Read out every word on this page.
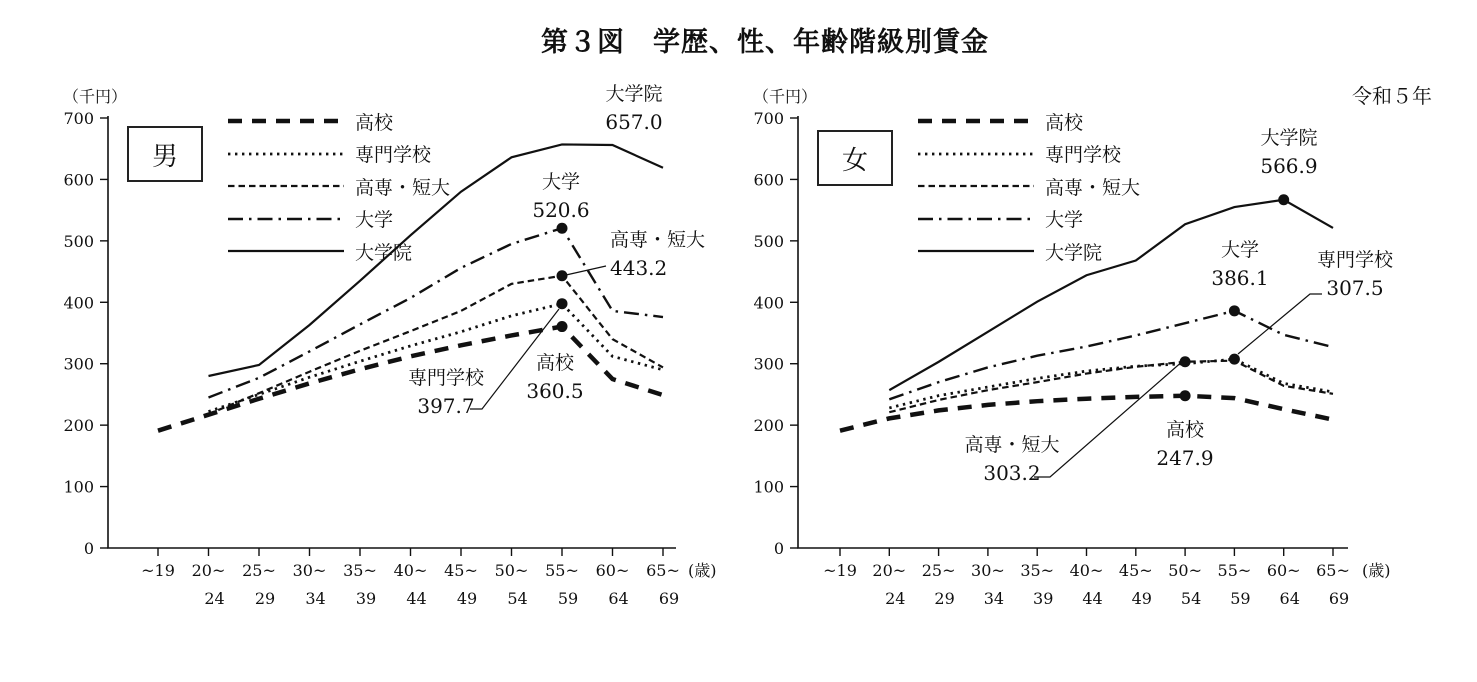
0
100
200
300
400
500
600
700
~19 20~
24
25~
29
30~
34
35~
39
40~
44
45~
49
50~
54
55~
59
60~
64
65~
69
0
100
200
300
400
500
600
700
~19 20~
24
25~
29
30~
34
35~
39
40~
44
45~
49
50~
54
55~
59
60~
64
65~
69
第３図　学歴、性、年齢階級別賃金
令和５年
（千円）
男
(歳)
高校
専門学校
高専・短大
大学
大学院
（千円）
女
(歳)
高校
専門学校
高専・短大
大学
大学院
大学院
657.0
大学
520.6
高専・短大
443.2
専門学校
397.7
高校
360.5
大学院
566.9
大学
386.1
専門学校
307.5
高専・短大
303.2
高校
247.9
